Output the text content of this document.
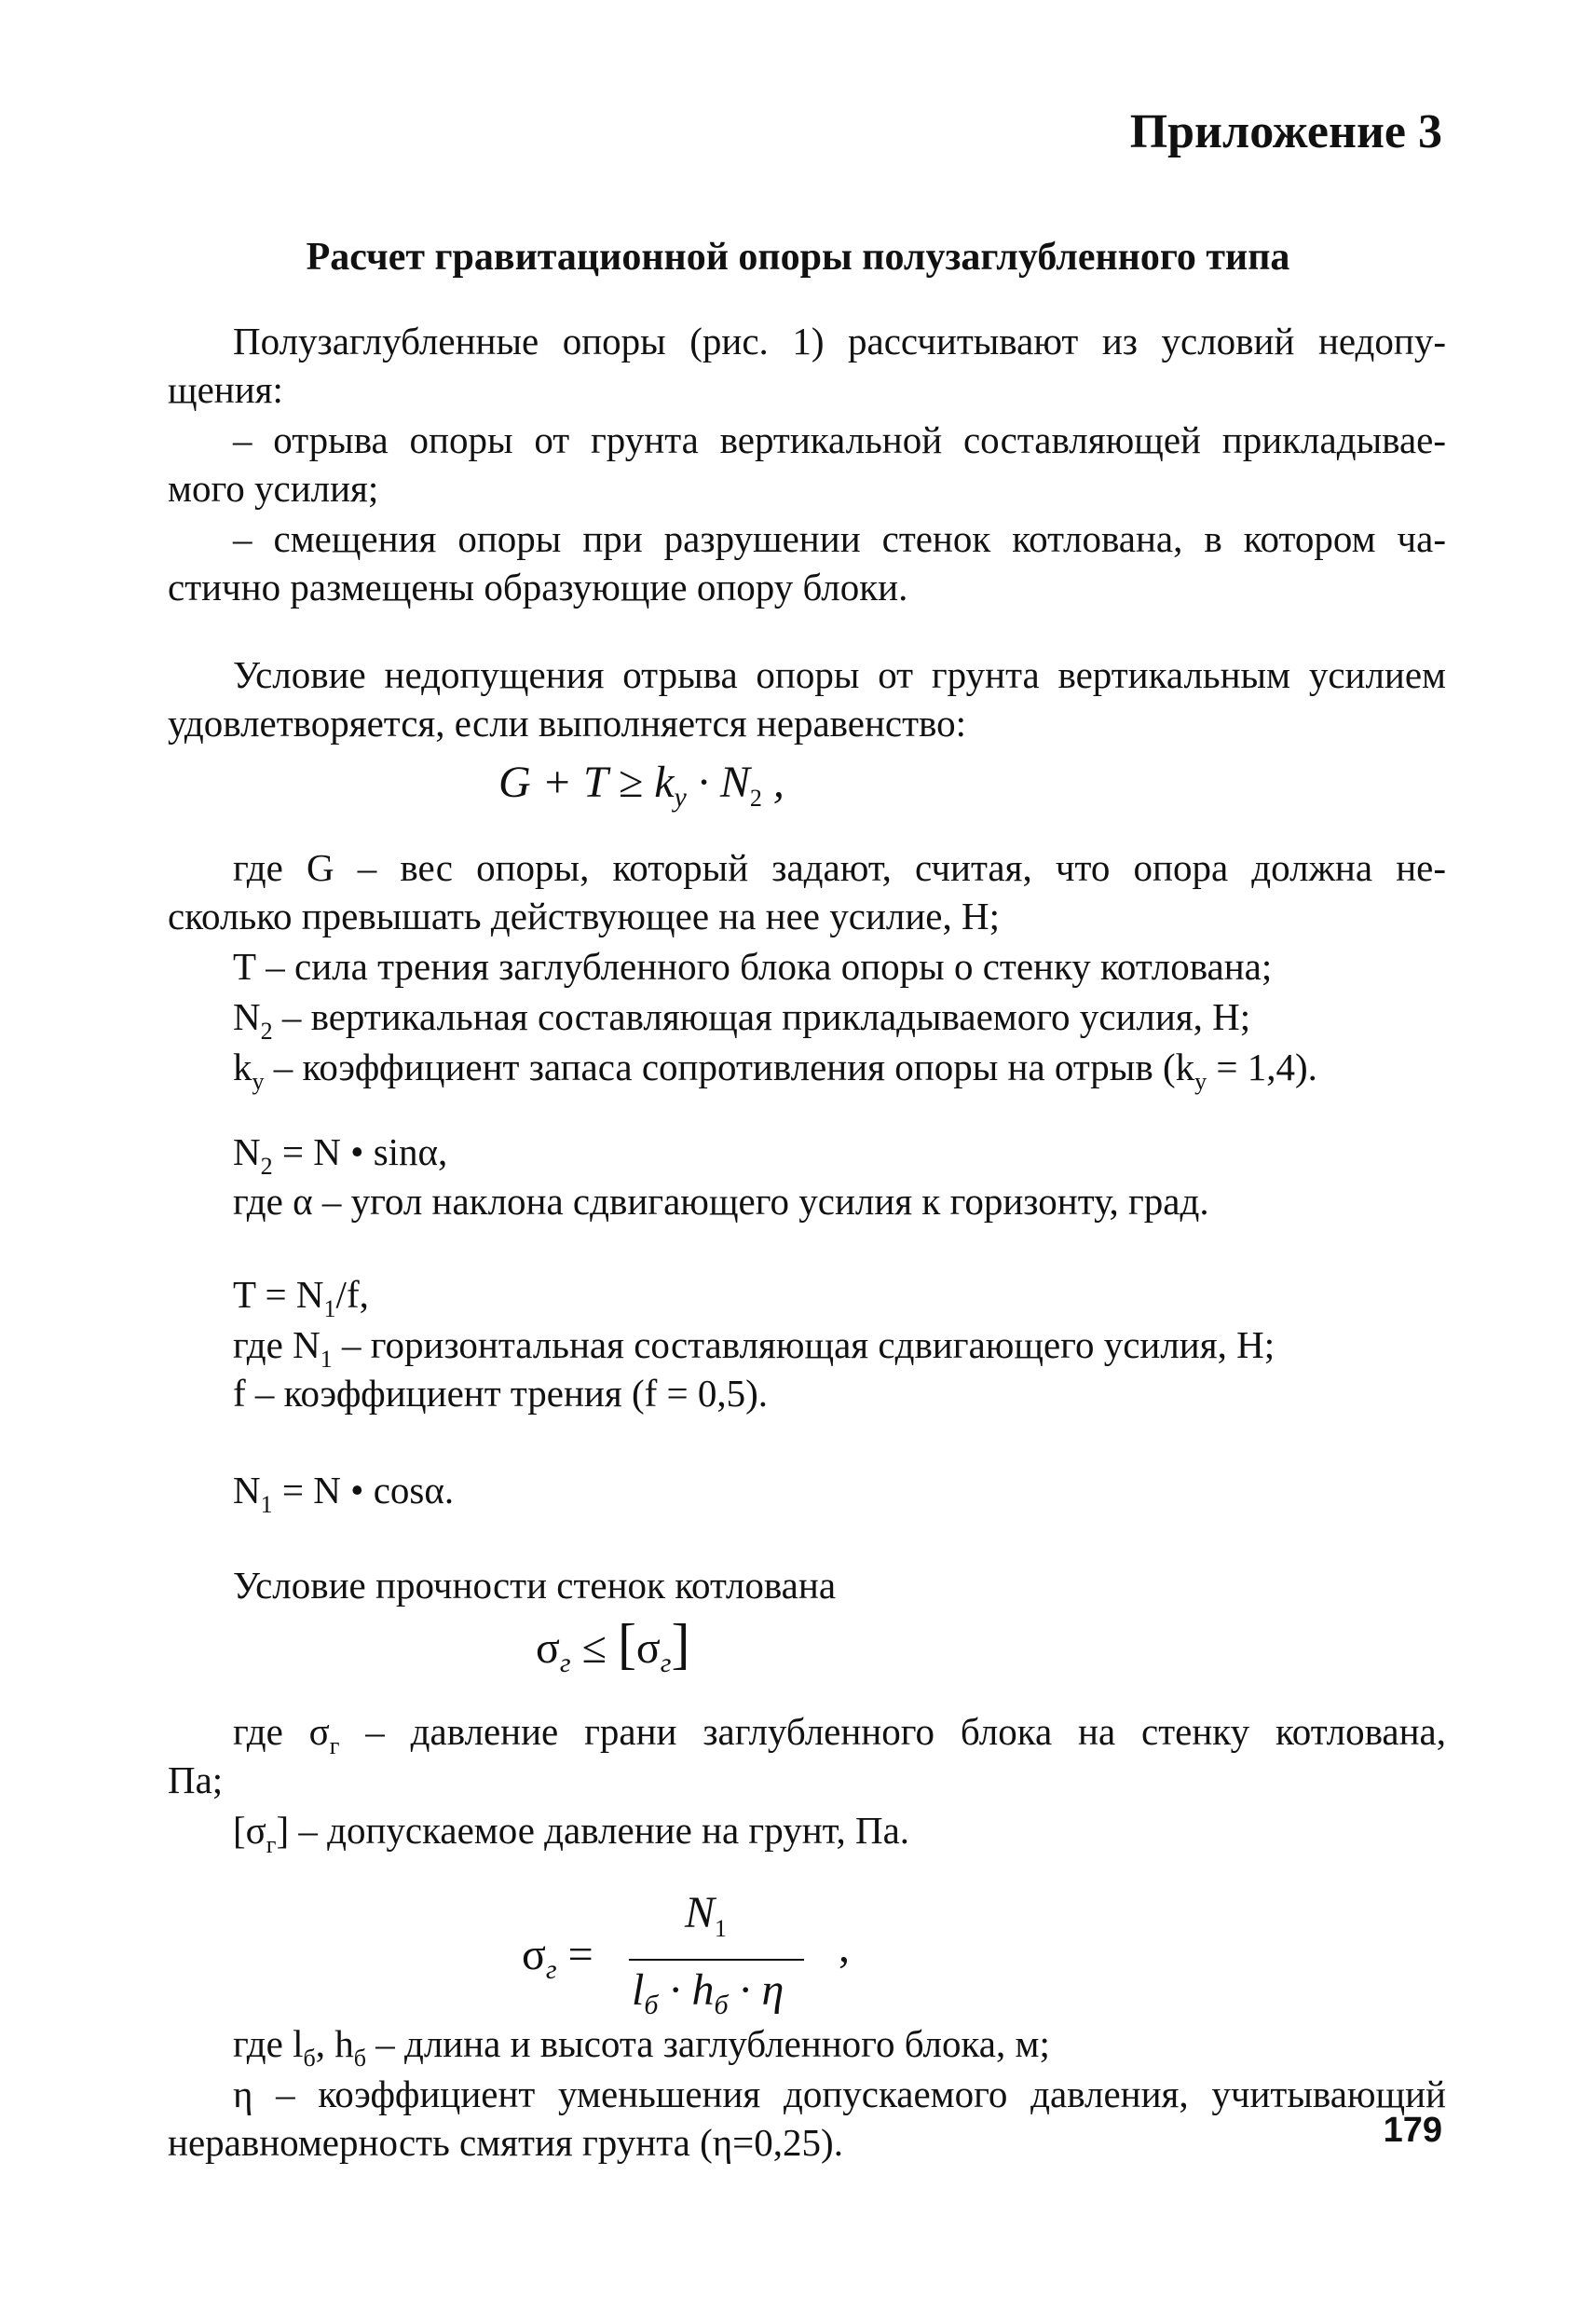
Приложение 3
Расчет гравитационной опоры полузаглубленного типа
Полузаглубленные опоры (рис. 1) рассчитывают из условий недопу-
щения:
– отрыва опоры от грунта вертикальной составляющей прикладывае-
мого усилия;
– смещения опоры при разрушении стенок котлована, в котором ча-
стично размещены образующие опору блоки.
Условие недопущения отрыва опоры от грунта вертикальным усилием
удовлетворяется, если выполняется неравенство:
$G + T \ge k_y \cdot N_2$ ,
где G – вес опоры, который задают, считая, что опора должна не-
сколько превышать действующее на нее усилие, Н;
Т – сила трения заглубленного блока опоры о стенку котлована;
$N_2$ – вертикальная составляющая прикладываемого усилия, Н;
$k_y$ – коэффициент запаса сопротивления опоры на отрыв $(k_y = 1,4)$.
$N_2 = N$ • sinα,
где α – угол наклона сдвигающего усилия к горизонту, град.
$T = N_1/f$,
где $N_1$ – горизонтальная составляющая сдвигающего усилия, Н;
f – коэффициент трения (f = 0,5).
$N_1 = N$ • cosα.
Условие прочности стенок котлована
$\sigma_г \le [\sigma_г]$
где $\sigma_г$ – давление грани заглубленного блока на стенку котлована,
Па;
$[\sigma_г]$ – допускаемое давление на грунт, Па.
$\sigma_г$ =
$N_1$
$l_б \cdot h_б \cdot \eta$
,
где $l_б$, $h_б$ – длина и высота заглубленного блока, м;
η – коэффициент уменьшения допускаемого давления, учитывающий
неравномерность смятия грунта (η=0,25).	179
